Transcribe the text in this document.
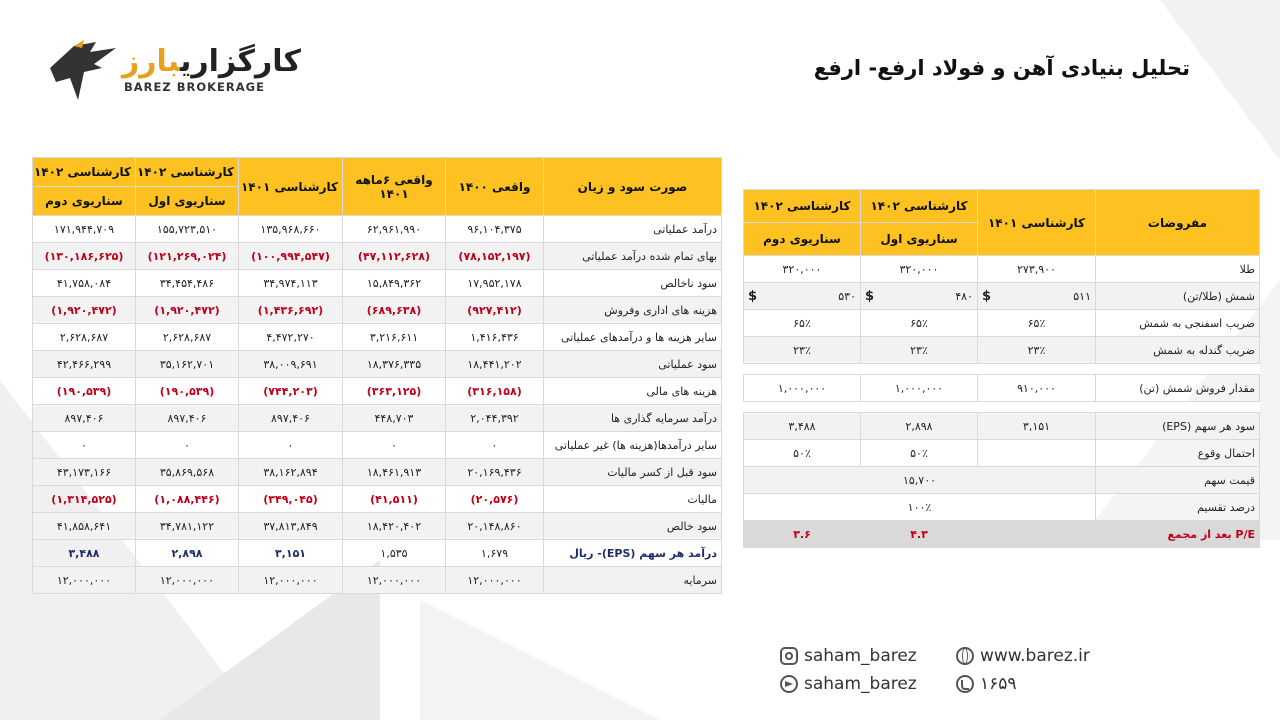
کارگزاریبارز
BAREZ BROKERAGE
تحلیل بنیادی آهن و فولاد ارفع- ارفع
صورت سود و زیان	واقعی ۱۴۰۰	واقعی ۶ماهه ۱۴۰۱	کارشناسی ۱۴۰۱	کارشناسی ۱۴۰۲	کارشناسی ۱۴۰۲
				سناریوی اول	سناریوی دوم
درآمد عملیاتی	۹۶,۱۰۴,۳۷۵	۶۲,۹۶۱,۹۹۰	۱۳۵,۹۶۸,۶۶۰	۱۵۵,۷۲۳,۵۱۰	۱۷۱,۹۴۴,۷۰۹
بهای تمام شده درآمد عملیاتی	(۷۸,۱۵۲,۱۹۷)	(۴۷,۱۱۲,۶۲۸)	(۱۰۰,۹۹۴,۵۴۷)	(۱۲۱,۲۶۹,۰۲۴)	(۱۳۰,۱۸۶,۶۲۵)
سود ناخالص	۱۷,۹۵۲,۱۷۸	۱۵,۸۴۹,۳۶۲	۳۴,۹۷۴,۱۱۳	۳۴,۴۵۴,۴۸۶	۴۱,۷۵۸,۰۸۴
هزینه های اداری وفروش	(۹۲۷,۴۱۲)	(۶۸۹,۶۳۸)	(۱,۴۳۶,۶۹۲)	(۱,۹۲۰,۴۷۲)	(۱,۹۲۰,۴۷۲)
سایر هزینه ها و درآمدهای عملیاتی	۱,۴۱۶,۴۳۶	۳,۲۱۶,۶۱۱	۴,۴۷۲,۲۷۰	۲,۶۲۸,۶۸۷	۲,۶۲۸,۶۸۷
سود عملیاتی	۱۸,۴۴۱,۲۰۲	۱۸,۳۷۶,۳۳۵	۳۸,۰۰۹,۶۹۱	۳۵,۱۶۲,۷۰۱	۴۲,۴۶۶,۲۹۹
هزینه های مالی	(۳۱۶,۱۵۸)	(۳۶۳,۱۲۵)	(۷۴۴,۲۰۳)	(۱۹۰,۵۳۹)	(۱۹۰,۵۳۹)
درآمد سرمایه گذاری ها	۲,۰۴۴,۳۹۲	۴۴۸,۷۰۳	۸۹۷,۴۰۶	۸۹۷,۴۰۶	۸۹۷,۴۰۶
سایر درآمدها(هزینه ها) غیر عملیاتی	۰	۰	۰	۰	۰
سود قبل از کسر مالیات	۲۰,۱۶۹,۴۳۶	۱۸,۴۶۱,۹۱۳	۳۸,۱۶۲,۸۹۴	۳۵,۸۶۹,۵۶۸	۴۳,۱۷۳,۱۶۶
مالیات	(۲۰,۵۷۶)	(۴۱,۵۱۱)	(۳۴۹,۰۴۵)	(۱,۰۸۸,۴۴۶)	(۱,۳۱۴,۵۲۵)
سود خالص	۲۰,۱۴۸,۸۶۰	۱۸,۴۲۰,۴۰۲	۳۷,۸۱۳,۸۴۹	۳۴,۷۸۱,۱۲۲	۴۱,۸۵۸,۶۴۱
درآمد هر سهم (EPS)- ریال	۱,۶۷۹	۱,۵۳۵	۳,۱۵۱	۲,۸۹۸	۳,۴۸۸
سرمایه	۱۲,۰۰۰,۰۰۰	۱۲,۰۰۰,۰۰۰	۱۲,۰۰۰,۰۰۰	۱۲,۰۰۰,۰۰۰	۱۲,۰۰۰,۰۰۰
مفروضات	کارشناسی ۱۴۰۱	کارشناسی ۱۴۰۲	کارشناسی ۱۴۰۲
		سناریوی اول	سناریوی دوم
طلا	۲۷۳,۹۰۰	۳۲۰,۰۰۰	۳۲۰,۰۰۰
شمش (طلا/تن)	$ ۵۱۱	$ ۴۸۰	$ ۵۳۰

ضریب اسفنجی به شمش	۶۵٪	۶۵٪	۶۵٪
ضریب گندله به شمش	۲۳٪	۲۳٪	۲۳٪

مقدار فروش شمش (تن)	۹۱۰,۰۰۰	۱,۰۰۰,۰۰۰	۱,۰۰۰,۰۰۰

سود هر سهم (EPS)	۳,۱۵۱	۲,۸۹۸	۳,۴۸۸
احتمال وقوع		۵۰٪	۵۰٪
قیمت سهم	۱۵,۷۰۰		
درصد تقسیم	۱۰۰٪		
P/E بعد از مجمع		۴.۳	۳.۶
saham_barez
saham_barez
www.barez.ir
۱۶۵۹
